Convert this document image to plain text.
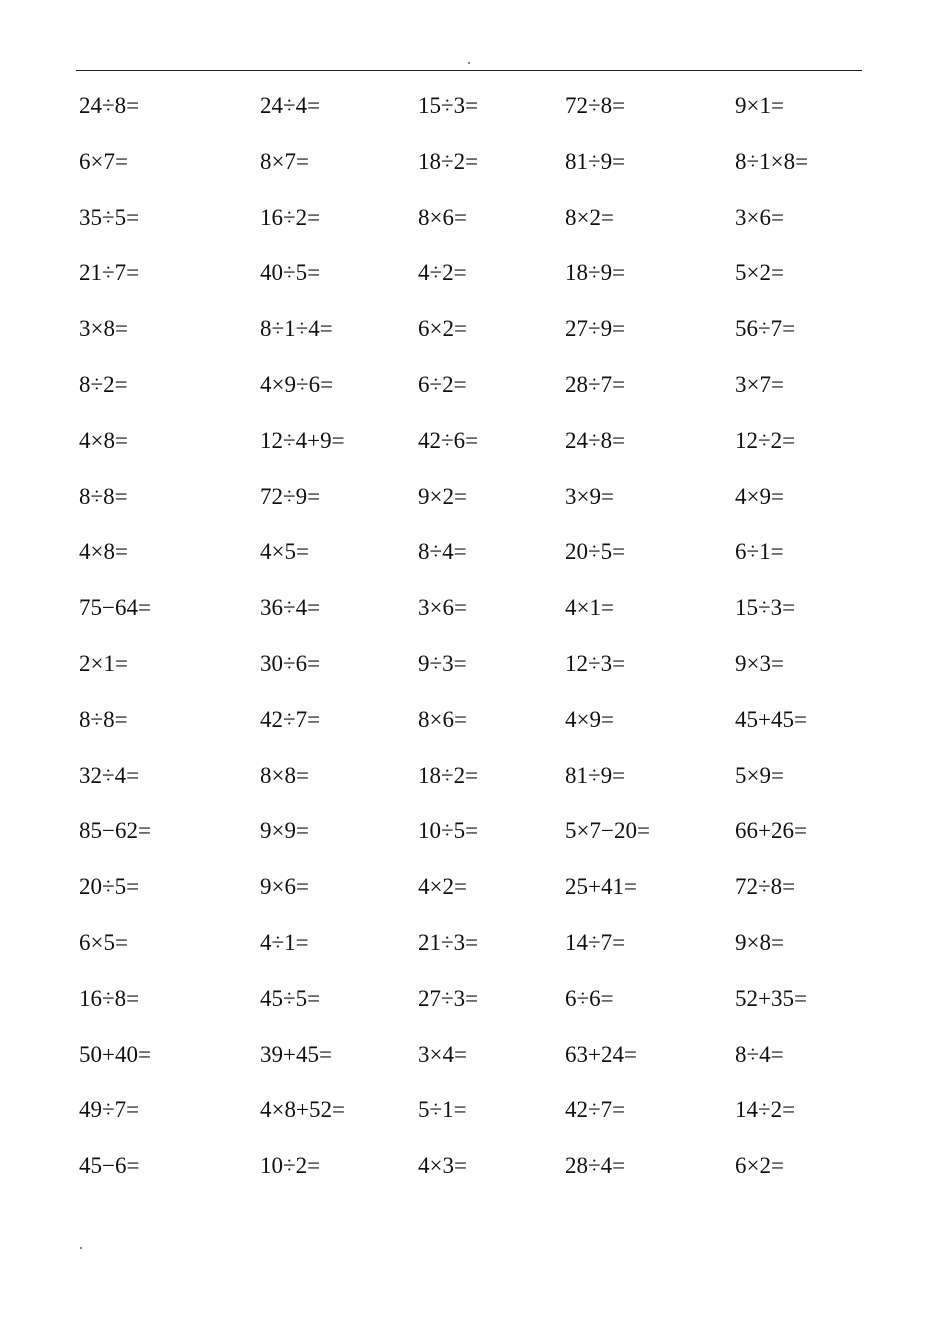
24÷8=	24÷4=	15÷3=	72÷8=	9×1=
6×7=	8×7=	18÷2=	81÷9=	8÷1×8=
35÷5=	16÷2=	8×6=	8×2=	3×6=
21÷7=	40÷5=	4÷2=	18÷9=	5×2=
3×8=	8÷1÷4=	6×2=	27÷9=	56÷7=
8÷2=	4×9÷6=	6÷2=	28÷7=	3×7=
4×8=	12÷4+9=	42÷6=	24÷8=	12÷2=
8÷8=	72÷9=	9×2=	3×9=	4×9=
4×8=	4×5=	8÷4=	20÷5=	6÷1=
75−64=	36÷4=	3×6=	4×1=	15÷3=
2×1=	30÷6=	9÷3=	12÷3=	9×3=
8÷8=	42÷7=	8×6=	4×9=	45+45=
32÷4=	8×8=	18÷2=	81÷9=	5×9=
85−62=	9×9=	10÷5=	5×7−20=	66+26=
20÷5=	9×6=	4×2=	25+41=	72÷8=
6×5=	4÷1=	21÷3=	14÷7=	9×8=
16÷8=	45÷5=	27÷3=	6÷6=	52+35=
50+40=	39+45=	3×4=	63+24=	8÷4=
49÷7=	4×8+52=	5÷1=	42÷7=	14÷2=
45−6=	10÷2=	4×3=	28÷4=	6×2=
